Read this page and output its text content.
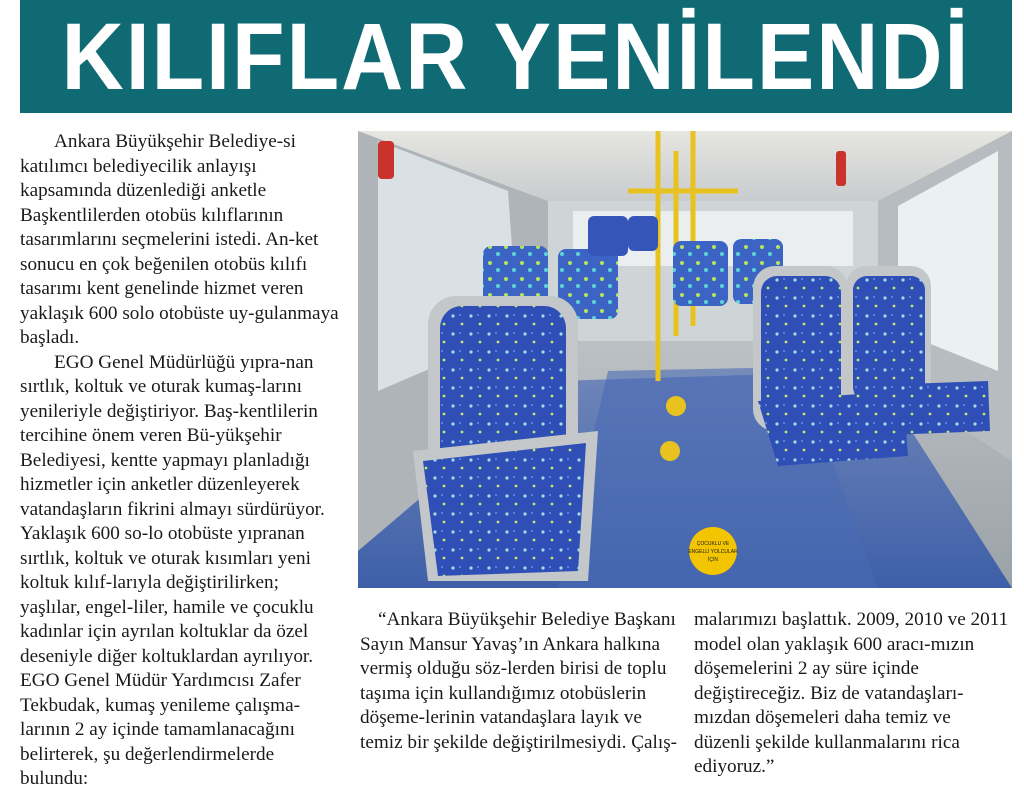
KILIFLAR YENİLENDİ

Ankara Büyükşehir Belediye-si katılımcı belediyecilik anlayışı kapsamında düzenlediği anketle Başkentlilerden otobüs kılıflarının tasarımlarını seçmelerini istedi. An-ket sonucu en çok beğenilen otobüs kılıfı tasarımı kent genelinde hizmet veren yaklaşık 600 solo otobüste uy-gulanmaya başladı.

EGO Genel Müdürlüğü yıpra-nan sırtlık, koltuk ve oturak kumaş-larını yenileriyle değiştiriyor. Baş-kentlilerin tercihine önem veren Bü-yükşehir Belediyesi, kentte yapmayı planladığı hizmetler için anketler düzenleyerek vatandaşların fikrini almayı sürdürüyor. Yaklaşık 600 so-lo otobüste yıpranan sırtlık, koltuk ve oturak kısımları yeni koltuk kılıf-larıyla değiştirilirken; yaşlılar, engel-liler, hamile ve çocuklu kadınlar için ayrılan koltuklar da özel deseniyle diğer koltuklardan ayrılıyor. EGO Genel Müdür Yardımcısı Zafer Tekbudak, kumaş yenileme çalışma-larının 2 ay içinde tamamlanacağını belirterek, şu değerlendirmelerde bulundu:

ÇOCUKLU VE
ENGELLİ YOLCULAR
İÇİN

“Ankara Büyükşehir Belediye Başkanı Sayın Mansur Yavaş’ın Ankara halkına vermiş olduğu söz-lerden birisi de toplu taşıma için kullandığımız otobüslerin döşeme-lerinin vatandaşlara layık ve temiz bir şekilde değiştirilmesiydi. Çalış-

malarımızı başlattık. 2009, 2010 ve 2011 model olan yaklaşık 600 aracı-mızın döşemelerini 2 ay süre içinde değiştireceğiz. Biz de vatandaşları-mızdan döşemeleri daha temiz ve düzenli şekilde kullanmalarını rica ediyoruz.”
